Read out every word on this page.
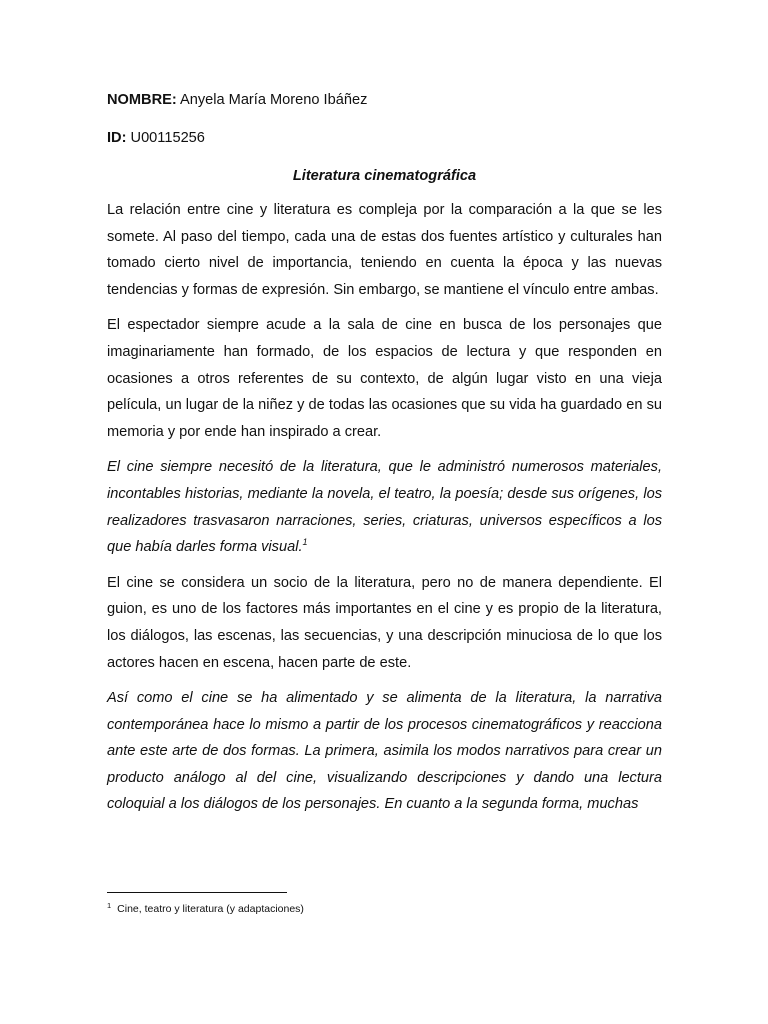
NOMBRE: Anyela María Moreno Ibáñez

ID: U00115256

Literatura cinematográfica

La relación entre cine y literatura es compleja por la comparación a la que se les somete. Al paso del tiempo, cada una de estas dos fuentes artístico y culturales han tomado cierto nivel de importancia, teniendo en cuenta la época y las nuevas tendencias y formas de expresión. Sin embargo, se mantiene el vínculo entre ambas.

El espectador siempre acude a la sala de cine en busca de los personajes que imaginariamente han formado, de los espacios de lectura y que responden en ocasiones a otros referentes de su contexto, de algún lugar visto en una vieja película, un lugar de la niñez y de todas las ocasiones que su vida ha guardado en su memoria y por ende han inspirado a crear.

El cine siempre necesitó de la literatura, que le administró numerosos materiales, incontables historias, mediante la novela, el teatro, la poesía; desde sus orígenes, los realizadores trasvasaron narraciones, series, criaturas, universos específicos a los que había darles forma visual.$^1$

El cine se considera un socio de la literatura, pero no de manera dependiente. El guion, es uno de los factores más importantes en el cine y es propio de la literatura, los diálogos, las escenas, las secuencias, y una descripción minuciosa de lo que los actores hacen en escena, hacen parte de este.

Así como el cine se ha alimentado y se alimenta de la literatura, la narrativa contemporánea hace lo mismo a partir de los procesos cinematográficos y reacciona ante este arte de dos formas. La primera, asimila los modos narrativos para crear un producto análogo al del cine, visualizando descripciones y dando una lectura coloquial a los diálogos de los personajes. En cuanto a la segunda forma, muchas

$^1$ Cine, teatro y literatura (y adaptaciones)
